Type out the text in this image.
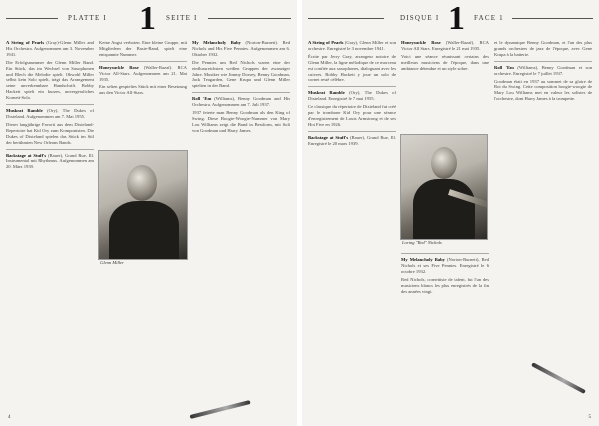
PLATTE I 1 SEITE I

A String of Pearls (Gray)-Glenn Miller and His Orchestra. Aufgenommen am 3. November 1941.

Die Erfolgsnummer der Glenn Miller Band. Ein Stück, das im Wechsel von Saxophonen und Blech die Melodie spielt. Obwohl Miller selbst kein Solo spielt, trägt das Arrangement seine unverkennbare Handschrift. Bobby Hackett spielt ein kurzes, unvergessliches Kornett-Solo.

Muskrat Ramble (Ory), The Dukes of Dixieland. Aufgenommen am 7. Mai 1955.

Dieser langjährige Favorit aus dem Dixieland-Repertoire hat Kid Ory zum Komponisten. Die Dukes of Dixieland spielen das Stück im Stil der berühmten New Orleans Bands.

Backstage at Stuff's (Bauer), Grand Rue, Ill. Instrumental mit Rhythmus. Aufgenommen am 20. März 1939.

Keine Angst verboten. Eine kleine Gruppe, mit Mitgliedern der Basie-Band, spielt eine entspannte Nummer.

Honeysuckle Rose (Waller-Razaf). RCA Victor All-Stars. Aufgenommen am 21. Mai 1935.

Ein selten gespieltes Stück mit einer Besetzung aus den Victor All-Stars.

Glenn Miller

My Melancholy Baby (Norton-Burnett). Red Nichols and His Five Pennies. Aufgenommen am 6. Oktober 1932.

Die Pennies um Red Nichols waren eine der einflussreichsten weißen Gruppen der zwanziger Jahre. Musiker wie Jimmy Dorsey, Benny Goodman, Jack Teagarden, Gene Krupa und Glenn Miller spielten in der Band.

Roll 'Em (Williams), Benny Goodman and His Orchestra. Aufgenommen am 7. Juli 1937.

1937 feierte man Benny Goodman als den King of Swing. Diese Boogie-Woogie-Nummer von Mary Lou Williams zeigt die Band in Bestform, mit Soli von Goodman und Harry James.

4
DISQUE I 1 FACE 1

A String of Pearls (Gray), Glenn Miller et son orchestre. Enregistré le 3 novembre 1941.

Écrite par Jerry Gray, arrangeur notoire de Glenn Miller, la ligne mélodique de ce morceau est confiée aux saxophones, dialoguant avec les cuivres. Bobby Hackett y joue un solo de cornet resté célèbre.

Muskrat Ramble (Ory), The Dukes of Dixieland. Enregistré le 7 mai 1955.

Ce classique du répertoire de Dixieland fut créé par le trombone Kid Ory pour une séance d'enregistrement de Louis Armstrong et de ses Hot Five en 1926.

Backstage at Stuff's (Bauer), Grand Rue, Ill. Enregistré le 20 mars 1939.

Honeysuckle Rose (Waller-Razaf), RCA Victor All Stars. Enregistré le 21 mai 1935.

Voici une séance réunissant certains des meilleurs musiciens de l'époque, dans une ambiance détendue et un style sobre.

Loring "Red" Nichols

My Melancholy Baby (Norton-Burnett), Red Nichols et ses Five Pennies. Enregistré le 6 octobre 1932.

Red Nichols, cornettiste de talent, fut l'un des musiciens blancs les plus enregistrés de la fin des années vingt.

et le dynamique Benny Goodman, et l'un des plus grands orchestres de jazz de l'époque, avec Gene Krupa à la batterie.

Roll 'Em (Williams), Benny Goodman et son orchestre. Enregistré le 7 juillet 1937.

Goodman était en 1937 au sommet de sa gloire de Roi du Swing. Cette composition boogie-woogie de Mary Lou Williams met en valeur les solistes de l'orchestre, dont Harry James à la trompette.

5
